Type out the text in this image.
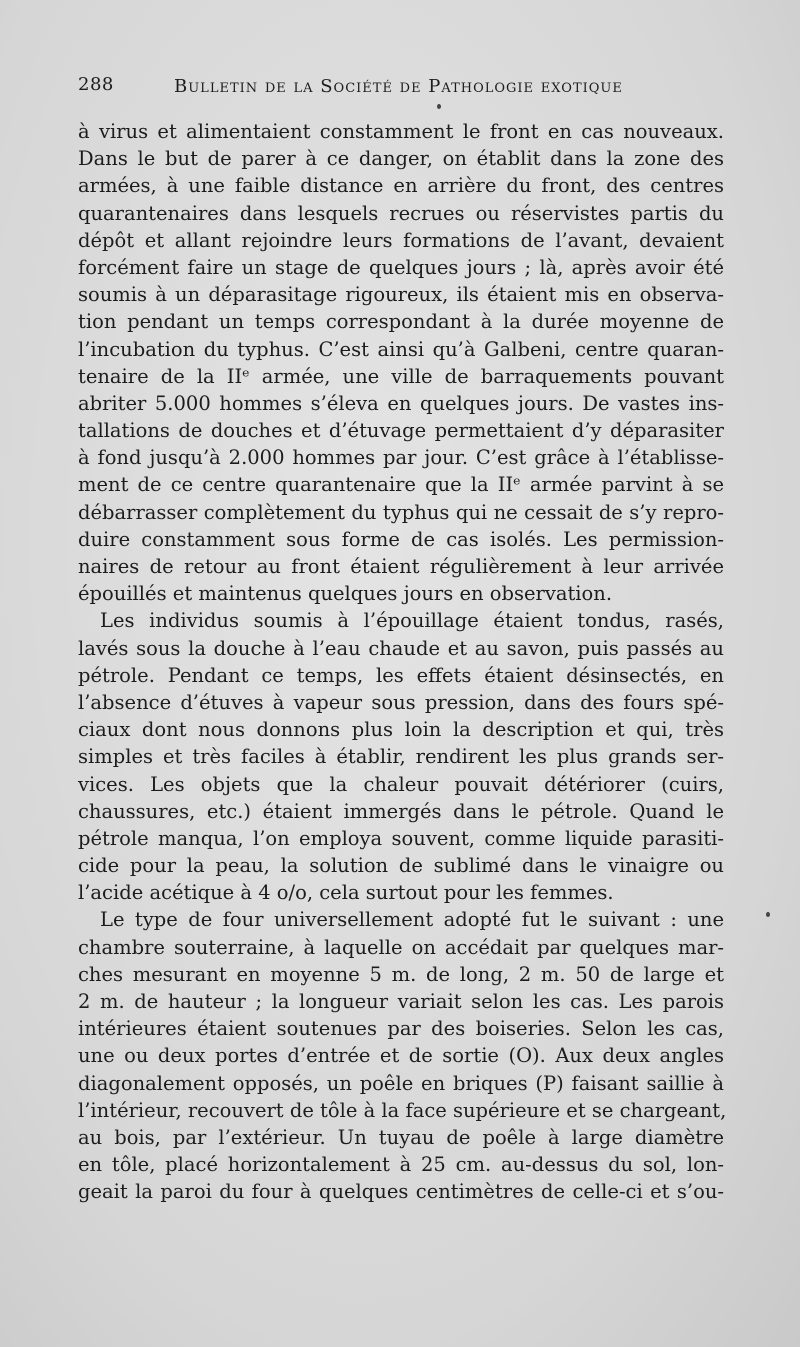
288	Bulletin de la Société de Pathologie exotique
à virus et alimentaient constamment le front en cas nouveaux.
Dans le but de parer à ce danger, on établit dans la zone des
armées, à une faible distance en arrière du front, des centres
quarantenaires dans lesquels recrues ou réservistes partis du
dépôt et allant rejoindre leurs formations de l’avant, devaient
forcément faire un stage de quelques jours ; là, après avoir été
soumis à un déparasitage rigoureux, ils étaient mis en observa-
tion pendant un temps correspondant à la durée moyenne de
l’incubation du typhus. C’est ainsi qu’à Galbeni, centre quaran-
tenaire de la IIᵉ armée, une ville de barraquements pouvant
abriter 5.000 hommes s’éleva en quelques jours. De vastes ins-
tallations de douches et d’étuvage permettaient d’y déparasiter
à fond jusqu’à 2.000 hommes par jour. C’est grâce à l’établisse-
ment de ce centre quarantenaire que la IIᵉ armée parvint à se
débarrasser complètement du typhus qui ne cessait de s’y repro-
duire constamment sous forme de cas isolés. Les permission-
naires de retour au front étaient régulièrement à leur arrivée
épouillés et maintenus quelques jours en observation.
Les individus soumis à l’épouillage étaient tondus, rasés,
lavés sous la douche à l’eau chaude et au savon, puis passés au
pétrole. Pendant ce temps, les effets étaient désinsectés, en
l’absence d’étuves à vapeur sous pression, dans des fours spé-
ciaux dont nous donnons plus loin la description et qui, très
simples et très faciles à établir, rendirent les plus grands ser-
vices. Les objets que la chaleur pouvait détériorer (cuirs,
chaussures, etc.) étaient immergés dans le pétrole. Quand le
pétrole manqua, l’on employa souvent, comme liquide parasiti-
cide pour la peau, la solution de sublimé dans le vinaigre ou
l’acide acétique à 4 o/o, cela surtout pour les femmes.
Le type de four universellement adopté fut le suivant : une
chambre souterraine, à laquelle on accédait par quelques mar-
ches mesurant en moyenne 5 m. de long, 2 m. 50 de large et
2 m. de hauteur ; la longueur variait selon les cas. Les parois
intérieures étaient soutenues par des boiseries. Selon les cas,
une ou deux portes d’entrée et de sortie (O). Aux deux angles
diagonalement opposés, un poêle en briques (P) faisant saillie à
l’intérieur, recouvert de tôle à la face supérieure et se chargeant,
au bois, par l’extérieur. Un tuyau de poêle à large diamètre
en tôle, placé horizontalement à 25 cm. au-dessus du sol, lon-
geait la paroi du four à quelques centimètres de celle-ci et s’ou-
